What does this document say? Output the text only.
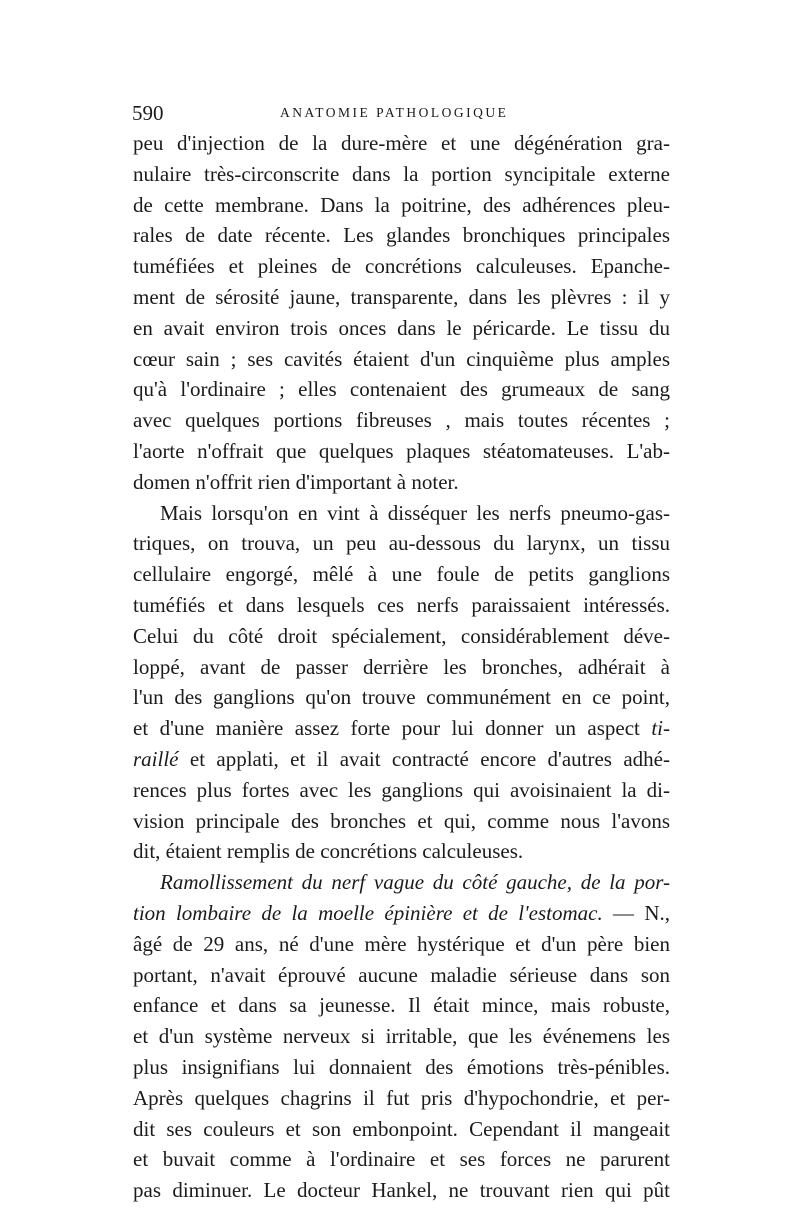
590	ANATOMIE PATHOLOGIQUE
peu d'injection de la dure-mère et une dégénération gra-
nulaire très-circonscrite dans la portion syncipitale externe
de cette membrane. Dans la poitrine, des adhérences pleu-
rales de date récente. Les glandes bronchiques principales
tuméfiées et pleines de concrétions calculeuses. Epanche-
ment de sérosité jaune, transparente, dans les plèvres : il y
en avait environ trois onces dans le péricarde. Le tissu du
cœur sain ; ses cavités étaient d'un cinquième plus amples
qu'à l'ordinaire ; elles contenaient des grumeaux de sang
avec quelques portions fibreuses , mais toutes récentes ;
l'aorte n'offrait que quelques plaques stéatomateuses. L'ab-
domen n'offrit rien d'important à noter.
Mais lorsqu'on en vint à disséquer les nerfs pneumo-gas-
triques, on trouva, un peu au-dessous du larynx, un tissu
cellulaire engorgé, mêlé à une foule de petits ganglions
tuméfiés et dans lesquels ces nerfs paraissaient intéressés.
Celui du côté droit spécialement, considérablement déve-
loppé, avant de passer derrière les bronches, adhérait à
l'un des ganglions qu'on trouve communément en ce point,
et d'une manière assez forte pour lui donner un aspect ti-
raillé et applati, et il avait contracté encore d'autres adhé-
rences plus fortes avec les ganglions qui avoisinaient la di-
vision principale des bronches et qui, comme nous l'avons
dit, étaient remplis de concrétions calculeuses.
Ramollissement du nerf vague du côté gauche, de la por-
tion lombaire de la moelle épinière et de l'estomac. — N.,
âgé de 29 ans, né d'une mère hystérique et d'un père bien
portant, n'avait éprouvé aucune maladie sérieuse dans son
enfance et dans sa jeunesse. Il était mince, mais robuste,
et d'un système nerveux si irritable, que les événemens les
plus insignifians lui donnaient des émotions très-pénibles.
Après quelques chagrins il fut pris d'hypochondrie, et per-
dit ses couleurs et son embonpoint. Cependant il mangeait
et buvait comme à l'ordinaire et ses forces ne parurent
pas diminuer. Le docteur Hankel, ne trouvant rien qui pût
